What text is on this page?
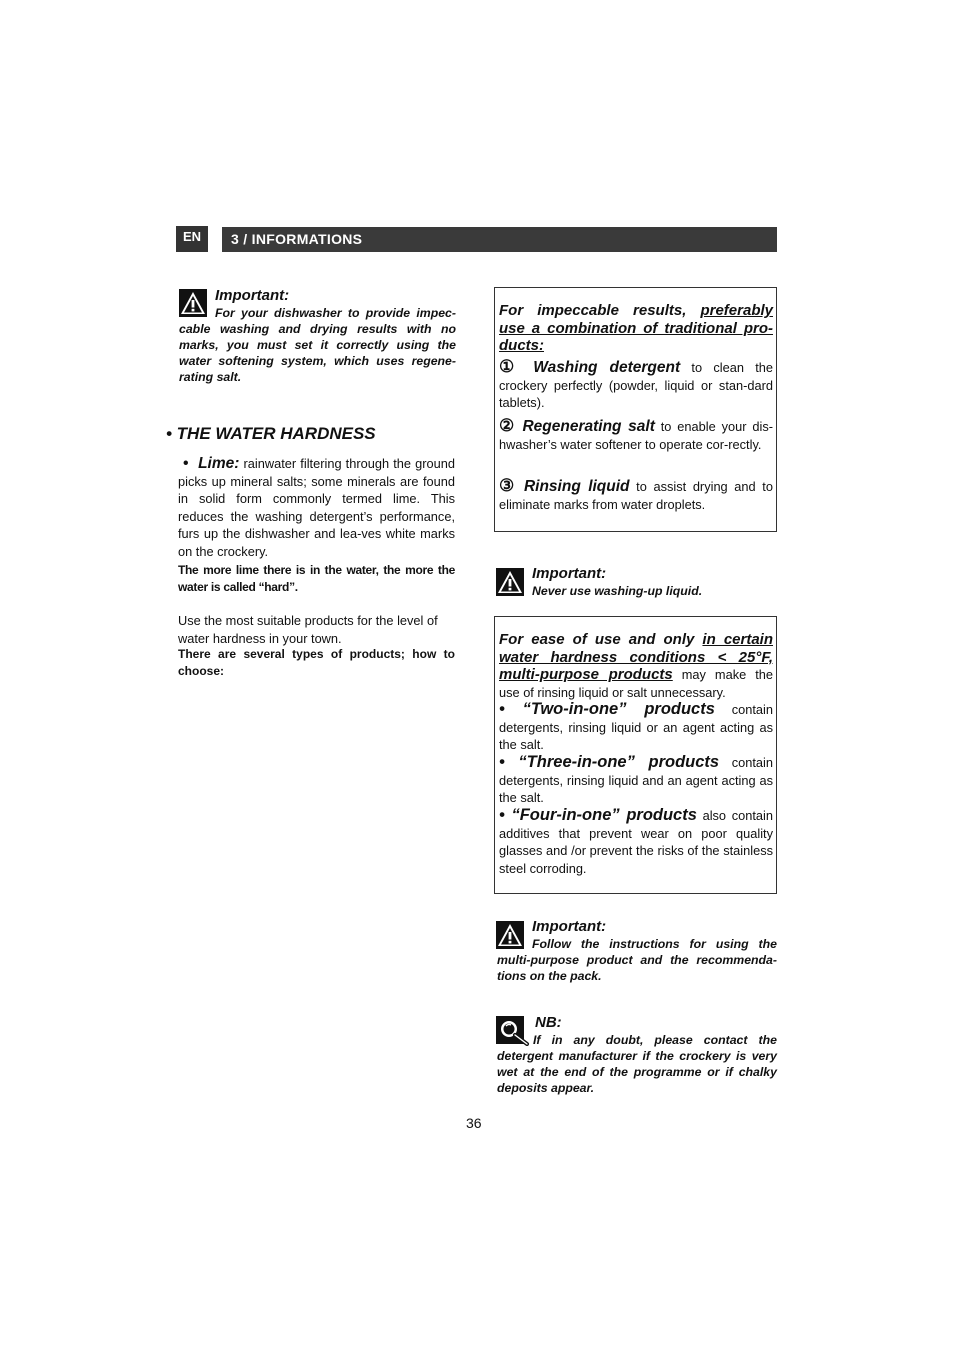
EN	3 / INFORMATIONS
Important:
For your dishwasher to provide impec-cable washing and drying results with no marks, you must set it correctly using the water softening system, which uses regene-rating salt.
• THE WATER HARDNESS
•  Lime: rainwater filtering through the ground picks up mineral salts; some minerals are found in solid form commonly termed lime. This reduces the washing detergent’s performance, furs up the dishwasher and lea-ves white marks on the crockery.
The more lime there is in the water, the more the water is called “hard”.
Use the most suitable products for the level of water hardness in your town.
There are several types of products; how to choose:
For impeccable results, preferably use a combination of traditional pro-ducts:
① Washing detergent to clean the crockery perfectly (powder, liquid or stan-dard tablets).
② Regenerating salt to enable your dis-hwasher’s water softener to operate cor-rectly.
③ Rinsing liquid to assist drying and to eliminate marks from water droplets.
Important:
Never use washing-up liquid.
For ease of use and only in certain water hardness conditions < 25°F, multi-purpose products may make the use of rinsing liquid or salt unnecessary.
• “Two-in-one” products contain detergents, rinsing liquid or an agent acting as the salt.
• “Three-in-one” products contain detergents, rinsing liquid and an agent acting as the salt.
• “Four-in-one” products also contain additives that prevent wear on poor quality glasses and /or prevent the risks of the stainless steel corroding.
Important:
Follow the instructions for using the multi-purpose product and the recommenda-tions on the pack.
NB:
If in any doubt, please contact the detergent manufacturer if the crockery is very wet at the end of the programme or if chalky deposits appear.
36
